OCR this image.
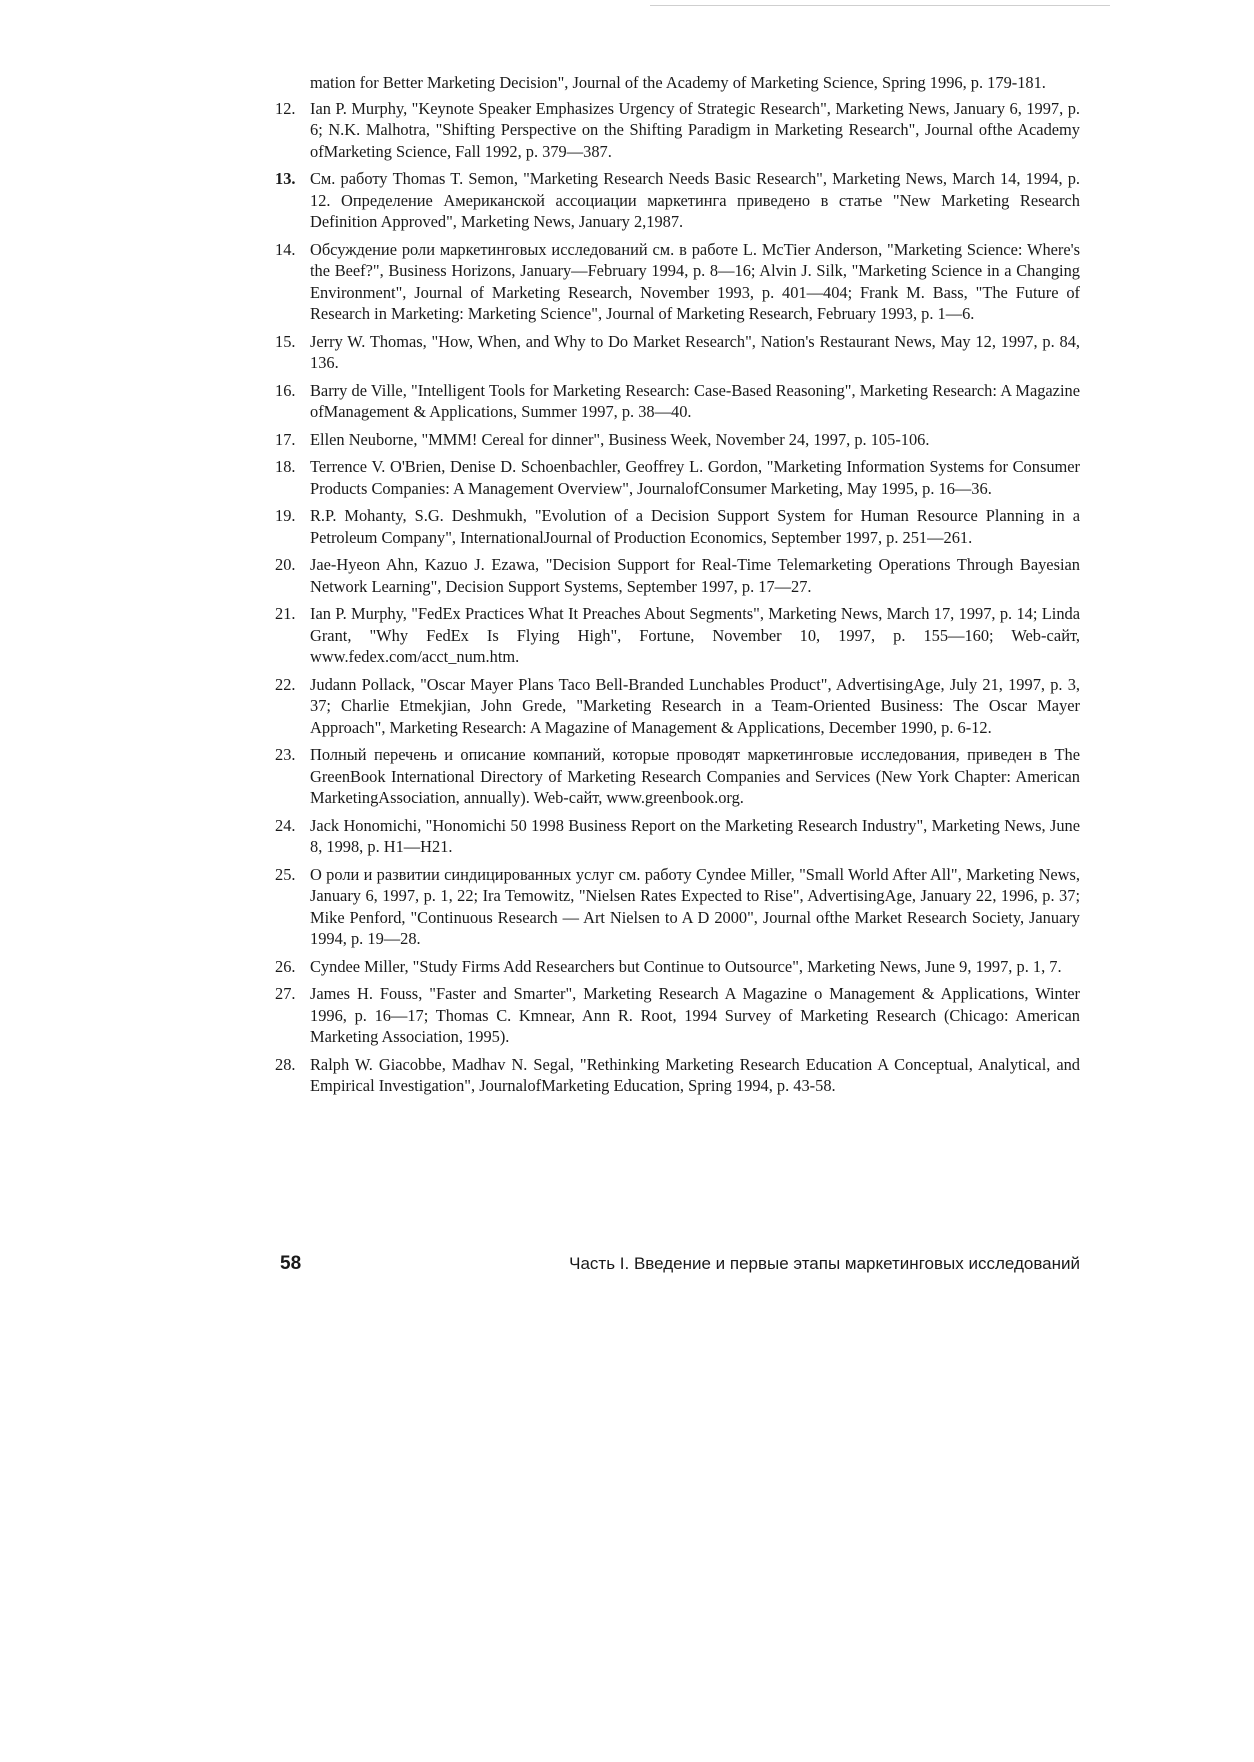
mation for Better Marketing Decision", Journal of the Academy of Marketing Science, Spring 1996, p. 179-181.
12. Ian P. Murphy, "Keynote Speaker Emphasizes Urgency of Strategic Research", Marketing News, January 6, 1997, p. 6; N.K. Malhotra, "Shifting Perspective on the Shifting Paradigm in Marketing Research", Journal ofthe Academy ofMarketing Science, Fall 1992, p. 379—387.
13. См. работу Thomas T. Semon, "Marketing Research Needs Basic Research", Marketing News, March 14, 1994, p. 12. Определение Американской ассоциации маркетинга приведено в статье "New Marketing Research Definition Approved", Marketing News, January 2,1987.
14. Обсуждение роли маркетинговых исследований см. в работе L. McTier Anderson, "Marketing Science: Where's the Beef?", Business Horizons, January—February 1994, p. 8—16; Alvin J. Silk, "Marketing Science in a Changing Environment", Journal of Marketing Research, November 1993, p. 401—404; Frank M. Bass, "The Future of Research in Marketing: Marketing Science", Journal of Marketing Research, February 1993, p. 1—6.
15. Jerry W. Thomas, "How, When, and Why to Do Market Research", Nation's Restaurant News, May 12, 1997, p. 84, 136.
16. Barry de Ville, "Intelligent Tools for Marketing Research: Case-Based Reasoning", Marketing Research: A Magazine ofManagement & Applications, Summer 1997, p. 38—40.
17. Ellen Neuborne, "MMM! Cereal for dinner", Business Week, November 24, 1997, p. 105-106.
18. Terrence V. O'Brien, Denise D. Schoenbachler, Geoffrey L. Gordon, "Marketing Information Systems for Consumer Products Companies: A Management Overview", JournalofConsumer Marketing, May 1995, p. 16—36.
19. R.P. Mohanty, S.G. Deshmukh, "Evolution of a Decision Support System for Human Resource Planning in a Petroleum Company", InternationalJournal of Production Economics, September 1997, p. 251—261.
20. Jae-Hyeon Ahn, Kazuo J. Ezawa, "Decision Support for Real-Time Telemarketing Operations Through Bayesian Network Learning", Decision Support Systems, September 1997, p. 17—27.
21. Ian P. Murphy, "FedEx Practices What It Preaches About Segments", Marketing News, March 17, 1997, p. 14; Linda Grant, "Why FedEx Is Flying High", Fortune, November 10, 1997, p. 155—160; Web-сайт, www.fedex.com/acct_num.htm.
22. Judann Pollack, "Oscar Mayer Plans Taco Bell-Branded Lunchables Product", AdvertisingAge, July 21, 1997, p. 3, 37; Charlie Etmekjian, John Grede, "Marketing Research in a Team-Oriented Business: The Oscar Mayer Approach", Marketing Research: A Magazine of Management & Applications, December 1990, p. 6-12.
23. Полный перечень и описание компаний, которые проводят маркетинговые исследования, приведен в The GreenBook International Directory of Marketing Research Companies and Services (New York Chapter: American MarketingAssociation, annually). Web-сайт, www.greenbook.org.
24. Jack Honomichi, "Honomichi 50 1998 Business Report on the Marketing Research Industry", Marketing News, June 8, 1998, p. H1—H21.
25. О роли и развитии синдицированных услуг см. работу Cyndee Miller, "Small World After All", Marketing News, January 6, 1997, p. 1, 22; Ira Temowitz, "Nielsen Rates Expected to Rise", AdvertisingAge, January 22, 1996, p. 37; Mike Penford, "Continuous Research — Art Nielsen to A D 2000", Journal ofthe Market Research Society, January 1994, p. 19—28.
26. Cyndee Miller, "Study Firms Add Researchers but Continue to Outsource", Marketing News, June 9, 1997, p. 1, 7.
27. James H. Fouss, "Faster and Smarter", Marketing Research A Magazine o Management & Applications, Winter 1996, p. 16—17; Thomas C. Kmnear, Ann R. Root, 1994 Survey of Marketing Research (Chicago: American Marketing Association, 1995).
28. Ralph W. Giacobbe, Madhav N. Segal, "Rethinking Marketing Research Education A Conceptual, Analytical, and Empirical Investigation", JournalofMarketing Education, Spring 1994, p. 43-58.
58	Часть I. Введение и первые этапы маркетинговых исследований
